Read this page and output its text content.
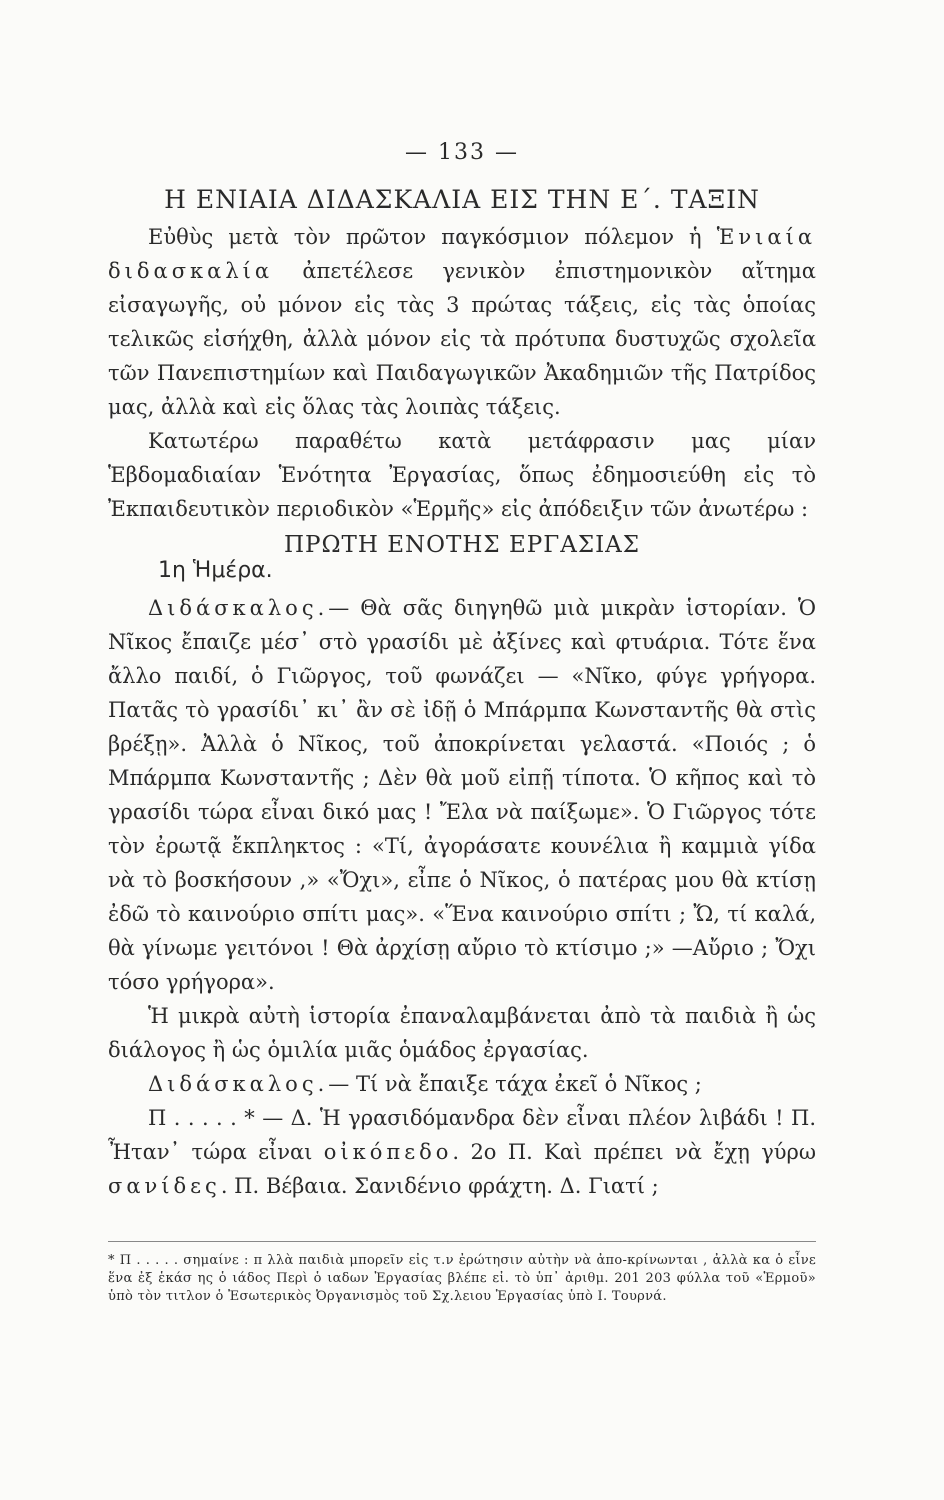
— 133 —
Η ΕΝΙΑΙΑ ΔΙΔΑΣΚΑΛΙΑ ΕΙΣ ΤΗΝ Ε΄. ΤΑΞΙΝ

Εὐθὺς μετὰ τὸν πρῶτον παγκόσμιον πόλεμον ἡ Ἑνιαία διδασκαλία ἀπετέλεσε γενικὸν ἐπιστημονικὸν αἴτημα εἰσαγωγῆς, οὐ μόνον εἰς τὰς 3 πρώτας τάξεις, εἰς τὰς ὁποίας τελικῶς εἰσήχθη, ἀλλὰ μόνον εἰς τὰ πρότυπα δυστυχῶς σχολεῖα τῶν Πανεπιστημίων καὶ Παιδαγωγικῶν Ἀκαδημιῶν τῆς Πατρίδος μας, ἀλλὰ καὶ εἰς ὅλας τὰς λοιπὰς τάξεις.

Κατωτέρω παραθέτω κατὰ μετάφρασιν μας μίαν Ἑβδομαδιαίαν Ἑνότητα Ἐργασίας, ὅπως ἐδημοσιεύθη εἰς τὸ Ἐκπαιδευτικὸν περιοδικὸν «Ἑρμῆς» εἰς ἀπόδειξιν τῶν ἀνωτέρω :

ΠΡΩΤΗ ΕΝΟΤΗΣ ΕΡΓΑΣΙΑΣ
1η Ἡμέρα.

Διδάσκαλος.— Θὰ σᾶς διηγηθῶ μιὰ μικρὰν ἱστορίαν. Ὁ Νῖκος ἔπαιζε μέσ᾽ στὸ γρασίδι μὲ ἀξίνες καὶ φτυάρια. Τότε ἕνα ἄλλο παιδί, ὁ Γιῶργος, τοῦ φωνάζει — «Νῖκο, φύγε γρήγορα. Πατᾶς τὸ γρασίδι᾽ κι᾽ ἂν σὲ ἰδῇ ὁ Μπάρμπα Κωνσταντῆς θὰ στὶς βρέξῃ». Ἀλλὰ ὁ Νῖκος, τοῦ ἀποκρίνεται γελαστά. «Ποιός ; ὁ Μπάρμπα Κωνσταντῆς ; Δὲν θὰ μοῦ εἰπῇ τίποτα. Ὁ κῆπος καὶ τὸ γρασίδι τώρα εἶναι δικό μας ! Ἔλα νὰ παίξωμε». Ὁ Γιῶργος τότε τὸν ἐρωτᾷ ἔκπληκτος : «Τί, ἀγοράσατε κουνέλια ἢ καμμιὰ γίδα νὰ τὸ βοσκήσουν ,» «Ὄχι», εἶπε ὁ Νῖκος, ὁ πατέρας μου θὰ κτίσῃ ἐδῶ τὸ καινούριο σπίτι μας». «Ἕνα καινούριο σπίτι ; Ὤ, τί καλά, θὰ γίνωμε γειτόνοι ! Θὰ ἀρχίσῃ αὔριο τὸ κτίσιμο ;» —Αὔριο ; Ὄχι τόσο γρήγορα».

Ἡ μικρὰ αὐτὴ ἱστορία ἐπαναλαμβάνεται ἀπὸ τὰ παιδιὰ ἢ ὡς διάλογος ἢ ὡς ὁμιλία μιᾶς ὁμάδος ἐργασίας.

Διδάσκαλος.— Τί νὰ ἔπαιξε τάχα ἐκεῖ ὁ Νῖκος ;

Π . . . . . * — Δ. Ἡ γρασιδόμανδρα δὲν εἶναι πλέον λιβάδι ! Π. Ἦταν᾽ τώρα εἶναι οἰκόπεδο. 2ο Π. Καὶ πρέπει νὰ ἔχῃ γύρω σανίδες. Π. Βέβαια. Σανιδένιο φράχτη. Δ. Γιατί ;

* Π . . . . . σημαίνε : π λλὰ παιδιὰ μπορεῖν εἰς τ.ν ἐρώτησιν αὐτὴν νὰ ἀπο-κρίνωνται , ἀλλὰ κα ὁ εἶνε ἕνα ἐξ ἑκάσ ης ὁ ιάδος Περὶ ὁ ιαδων Ἐργασίας βλέπε εἰ. τὸ ὑπ᾽ ἀριθμ. 201 203 φύλλα τοῦ «Ἑρμοῦ» ὑπὸ τὸν τιτλον ὁ Ἐσωτερικὸς Ὀργανισμὸς τοῦ Σχ.λειου Ἐργασίας ὑπὸ Ι. Τουρνά.
